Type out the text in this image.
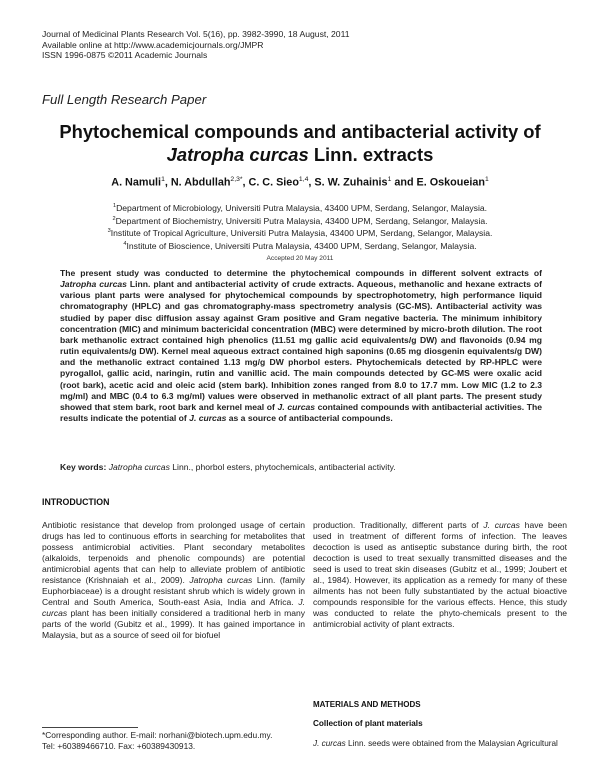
Journal of Medicinal Plants Research Vol. 5(16), pp. 3982-3990, 18 August, 2011
Available online at http://www.academicjournals.org/JMPR
ISSN 1996-0875 ©2011 Academic Journals
Full Length Research Paper
Phytochemical compounds and antibacterial activity of
Jatropha curcas Linn. extracts
A. Namuli$^1$, N. Abdullah$^{2,3*}$, C. C. Sieo$^{1,4}$, S. W. Zuhainis$^1$ and E. Oskoueian$^1$
$^1$Department of Microbiology, Universiti Putra Malaysia, 43400 UPM, Serdang, Selangor, Malaysia.
$^2$Department of Biochemistry, Universiti Putra Malaysia, 43400 UPM, Serdang, Selangor, Malaysia.
$^3$Institute of Tropical Agriculture, Universiti Putra Malaysia, 43400 UPM, Serdang, Selangor, Malaysia.
$^4$Institute of Bioscience, Universiti Putra Malaysia, 43400 UPM, Serdang, Selangor, Malaysia.
Accepted 20 May 2011
The present study was conducted to determine the phytochemical compounds in different solvent extracts of Jatropha curcas Linn. plant and antibacterial activity of crude extracts. Aqueous, methanolic and hexane extracts of various plant parts were analysed for phytochemical compounds by spectrophotometry, high performance liquid chromatography (HPLC) and gas chromatography-mass spectrometry analysis (GC-MS). Antibacterial activity was studied by paper disc diffusion assay against Gram positive and Gram negative bacteria. The minimum inhibitory concentration (MIC) and minimum bactericidal concentration (MBC) were determined by micro-broth dilution. The root bark methanolic extract contained high phenolics (11.51 mg gallic acid equivalents/g DW) and flavonoids (0.94 mg rutin equivalents/g DW). Kernel meal aqueous extract contained high saponins (0.65 mg diosgenin equivalents/g DW) and the methanolic extract contained 1.13 mg/g DW phorbol esters. Phytochemicals detected by RP-HPLC were pyrogallol, gallic acid, naringin, rutin and vanillic acid. The main compounds detected by GC-MS were oxalic acid (root bark), acetic acid and oleic acid (stem bark). Inhibition zones ranged from 8.0 to 17.7 mm. Low MIC (1.2 to 2.3 mg/ml) and MBC (0.4 to 6.3 mg/ml) values were observed in methanolic extract of all plant parts. The present study showed that stem bark, root bark and kernel meal of J. curcas contained compounds with antibacterial activities. The results indicate the potential of J. curcas as a source of antibacterial compounds.
Key words: Jatropha curcas Linn., phorbol esters, phytochemicals, antibacterial activity.
INTRODUCTION
Antibiotic resistance that develop from prolonged usage of certain drugs has led to continuous efforts in searching for metabolites that possess antimicrobial activities. Plant secondary metabolites (alkaloids, terpenoids and phenolic compounds) are potential antimicrobial agents that can help to alleviate problem of antibiotic resistance (Krishnaiah et al., 2009). Jatropha curcas Linn. (family Euphorbiaceae) is a drought resistant shrub which is widely grown in Central and South America, South-east Asia, India and Africa. J. curcas plant has been initially considered a traditional herb in many parts of the world (Gubitz et al., 1999). It has gained importance in Malaysia, but as a source of seed oil for biofuel
production. Traditionally, different parts of J. curcas have been used in treatment of different forms of infection. The leaves decoction is used as antiseptic substance during birth, the root decoction is used to treat sexually transmitted diseases and the seed is used to treat skin diseases (Gubitz et al., 1999; Joubert et al., 1984). However, its application as a remedy for many of these ailments has not been fully substantiated by the actual bioactive compounds responsible for the various effects. Hence, this study was conducted to relate the phyto-chemicals present to the antimicrobial activity of plant extracts.
MATERIALS AND METHODS
Collection of plant materials
J. curcas Linn. seeds were obtained from the Malaysian Agricultural
*Corresponding author. E-mail: norhani@biotech.upm.edu.my.
Tel: +60389466710. Fax: +60389430913.
